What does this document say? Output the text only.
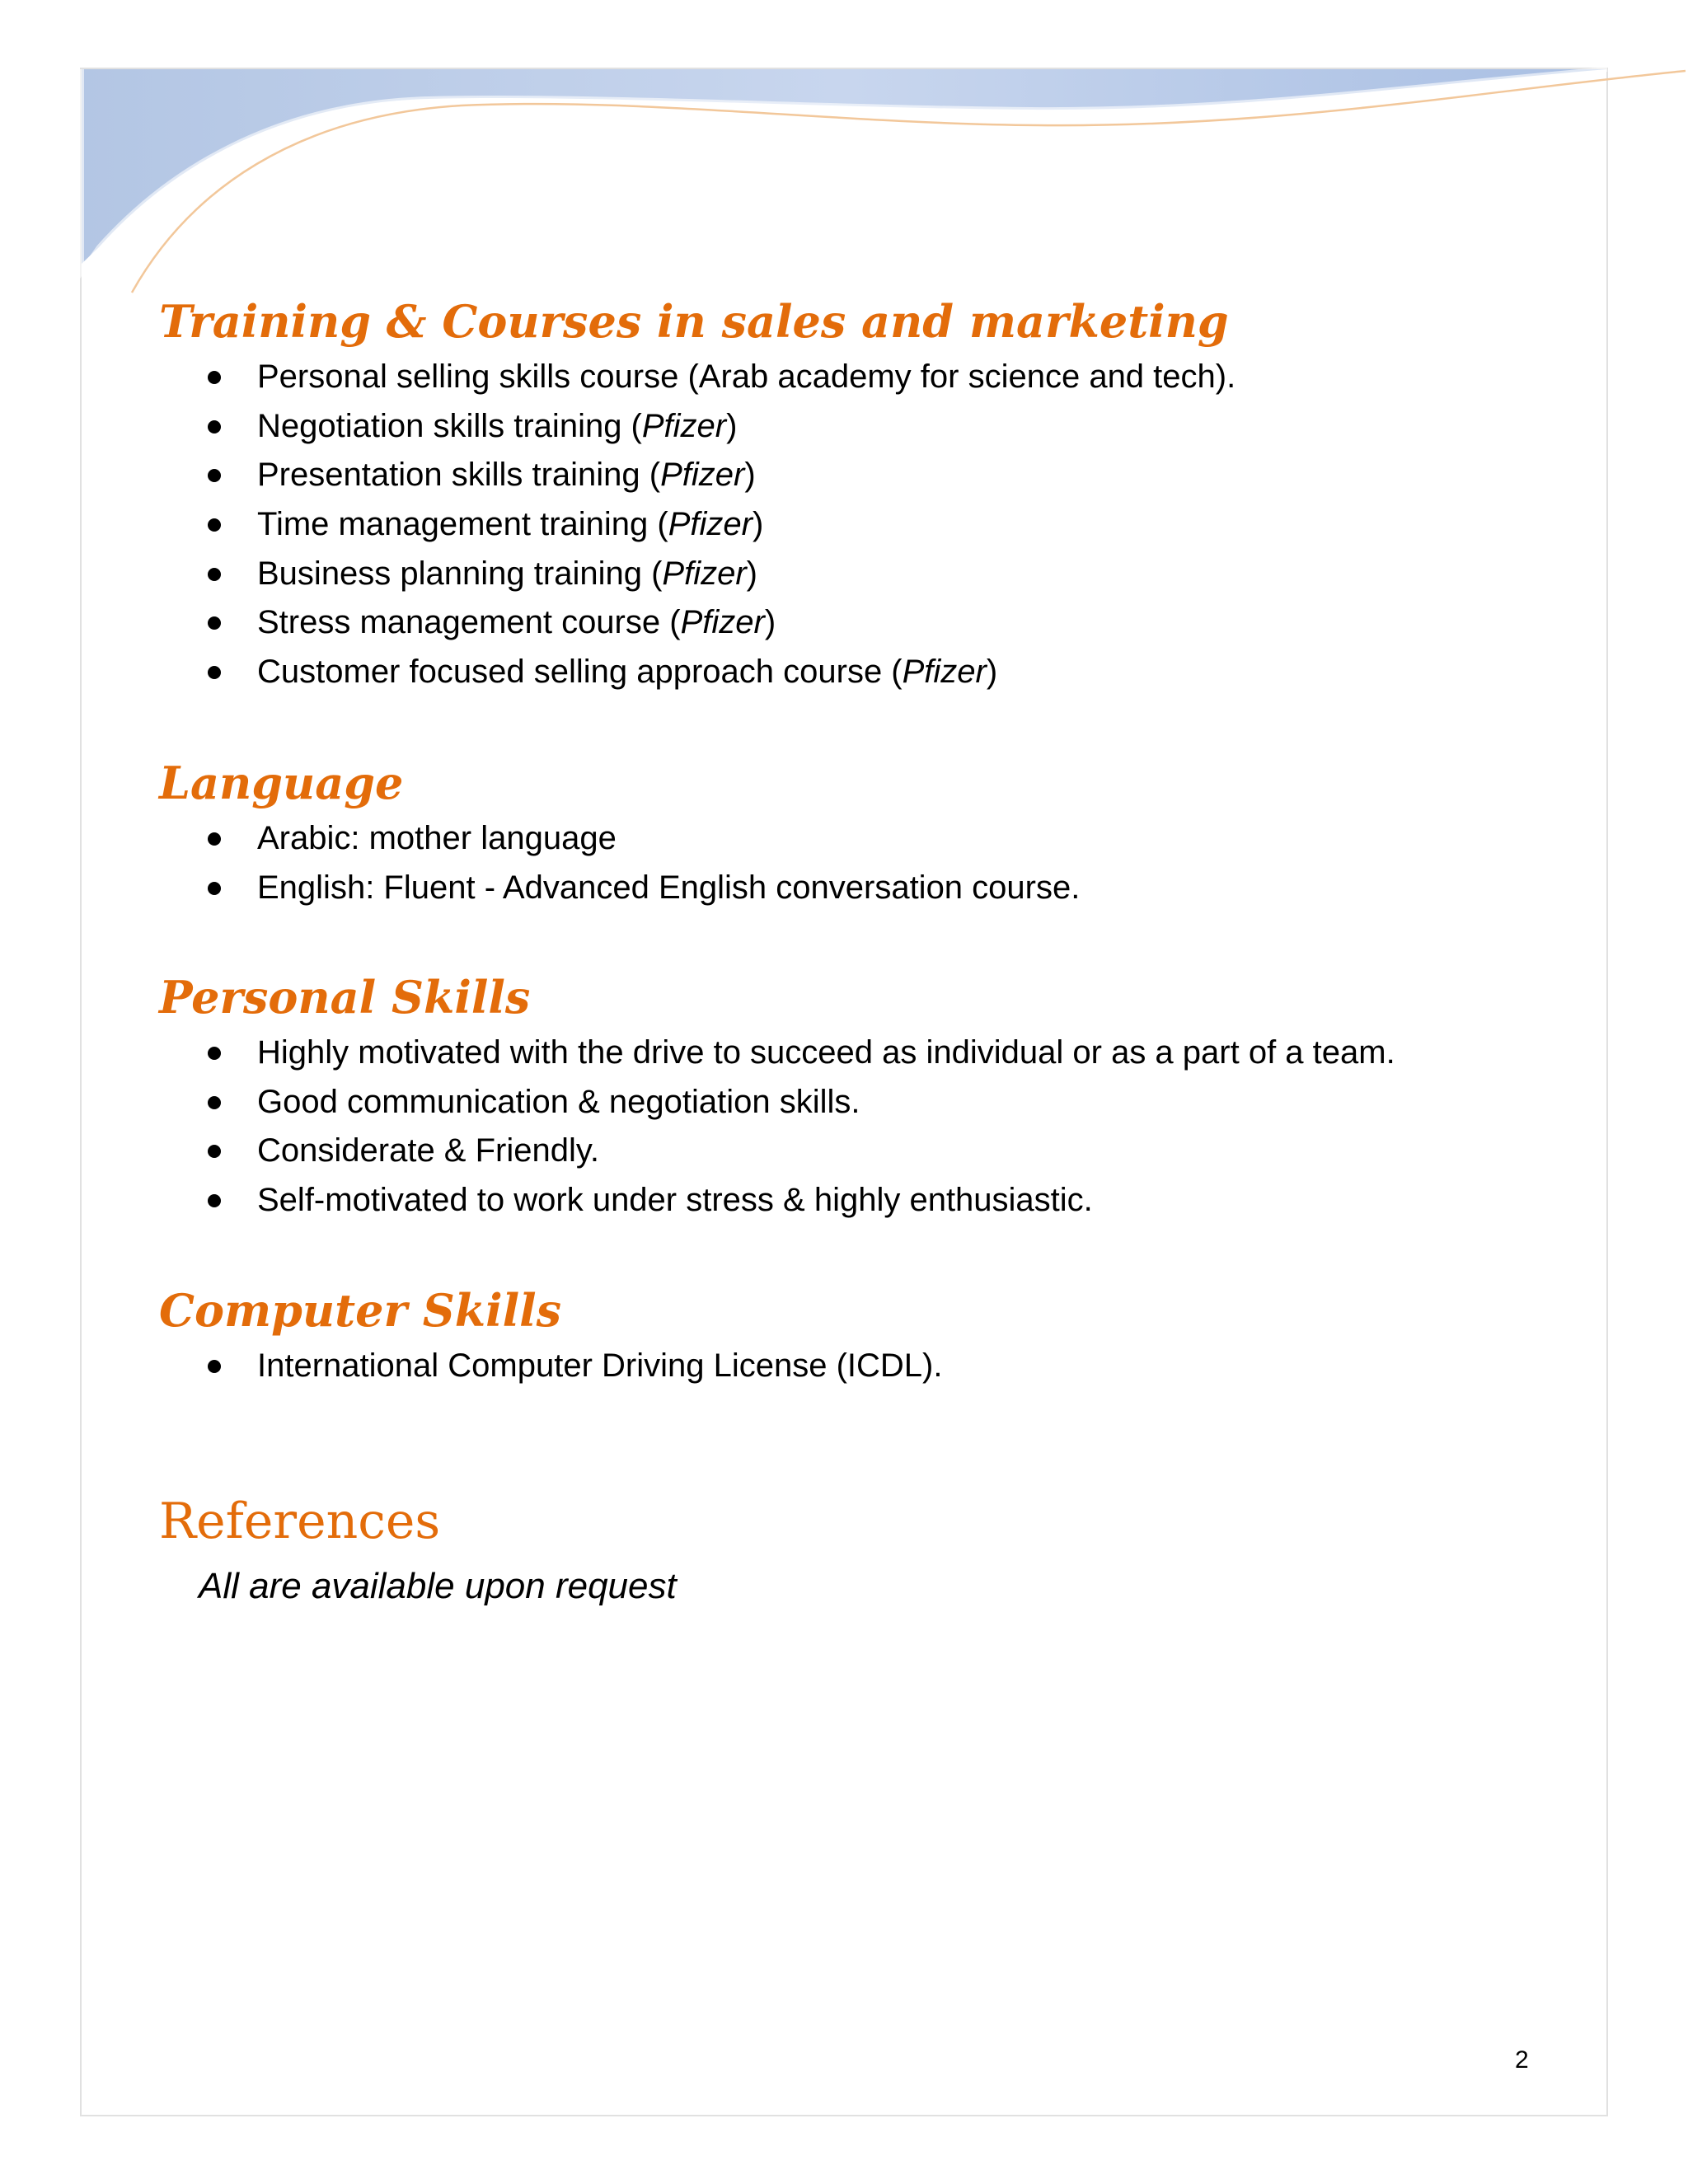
Training & Courses in sales and marketing
Personal selling skills course (Arab academy for science and tech).
Negotiation skills training (Pfizer)
Presentation skills training (Pfizer)
Time management training (Pfizer)
Business planning training (Pfizer)
Stress management course (Pfizer)
Customer focused selling approach course (Pfizer)
Language
Arabic: mother language
English: Fluent - Advanced English conversation course.
Personal Skills
Highly motivated with the drive to succeed as individual or as a part of a team.
Good communication & negotiation skills.
Considerate & Friendly.
Self-motivated to work under stress & highly enthusiastic.
Computer Skills
International Computer Driving License (ICDL).
References

All are available upon request

2
